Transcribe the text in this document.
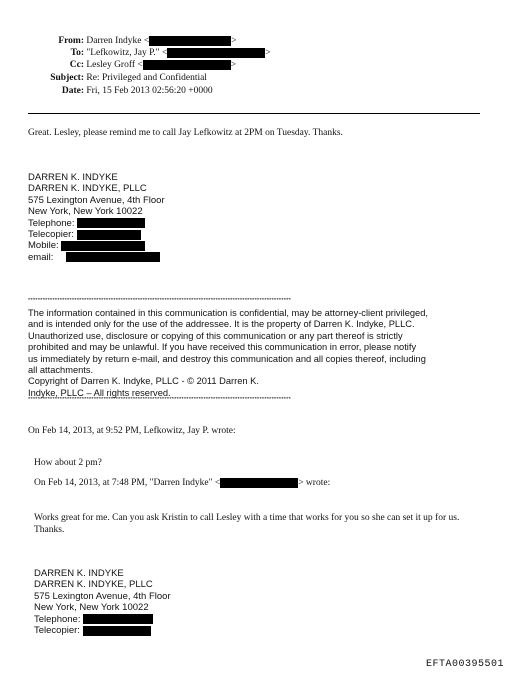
From: Darren Indyke <	>
To: "Lefkowitz, Jay P." <	>
Cc: Lesley Groff <	>
Subject: Re: Privileged and Confidential
Date: Fri, 15 Feb 2013 02:56:20 +0000
Great. Lesley, please remind me to call Jay Lefkowitz at 2PM on Tuesday. Thanks.
DARREN K. INDYKE
DARREN K. INDYKE, PLLC
575 Lexington Avenue, 4th Floor
New York, New York 10022
Telephone:
Telecopier:
Mobile:
email:
************************************************************************************************************
The information contained in this communication is confidential, may be attorney-client privileged, and is intended only for the use of the addressee. It is the property of Darren K. Indyke, PLLC. Unauthorized use, disclosure or copying of this communication or any part thereof is strictly prohibited and may be unlawful. If you have received this communication in error, please notify us immediately by return e-mail, and destroy this communication and all copies thereof, including all attachments.
Copyright of Darren K. Indyke, PLLC - © 2011 Darren K. Indyke, PLLC – All rights reserved.
************************************************************************************************************
On Feb 14, 2013, at 9:52 PM, Lefkowitz, Jay P. wrote:
How about 2 pm?
On Feb 14, 2013, at 7:48 PM, "Darren Indyke" <	> wrote:
Works great for me. Can you ask Kristin to call Lesley with a time that works for you so she can set it up for us. Thanks.
DARREN K. INDYKE
DARREN K. INDYKE, PLLC
575 Lexington Avenue, 4th Floor
New York, New York 10022
Telephone:
Telecopier:
EFTA00395501
